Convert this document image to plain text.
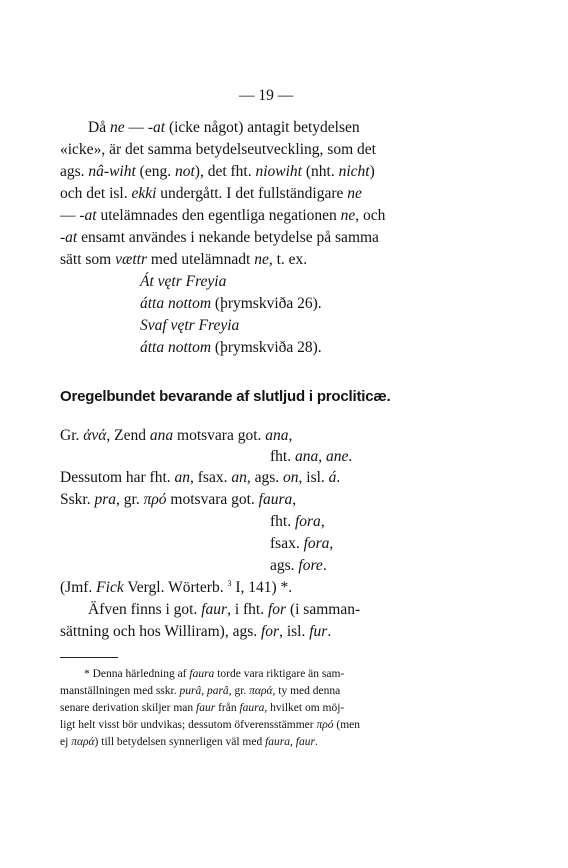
— 19 —
Då ne — -at (icke något) antagit betydelsen
«icke», är det samma betydelseutveckling, som det
ags. nâ-wiht (eng. not), det fht. niowiht (nht. nicht)
och det isl. ekki undergått. I det fullständigare ne
— -at utelämnades den egentliga negationen ne, och
-at ensamt användes i nekande betydelse på samma
sätt som vættr med utelämnadt ne, t. ex.
Át vętr Freyia
átta nottom (þrymskviða 26).
Svaf vętr Freyia
átta nottom (þrymskviða 28).
Oregelbundet bevarande af slutljud i procliticæ.
Gr. ἀνά, Zend ana motsvara got. ana,
fht. ana, ane.
Dessutom har fht. an, fsax. an, ags. on, isl. á.
Sskr. pra, gr. πρό motsvara got. faura,
fht. fora,
fsax. fora,
ags. fore.
(Jmf. Fick Vergl. Wörterb. $^3$ I, 141) *.
Äfven finns i got. faur, i fht. for (i samman-
sättning och hos Williram), ags. for, isl. fur.
* Denna härledning af faura torde vara riktigare än sam-
manställningen med sskr. purâ, parâ, gr. παρά, ty med denna
senare derivation skiljer man faur från faura, hvilket om möj-
ligt helt visst bör undvikas; dessutom öfverensstämmer πρό (men
ej παρά) till betydelsen synnerligen väl med faura, faur.
